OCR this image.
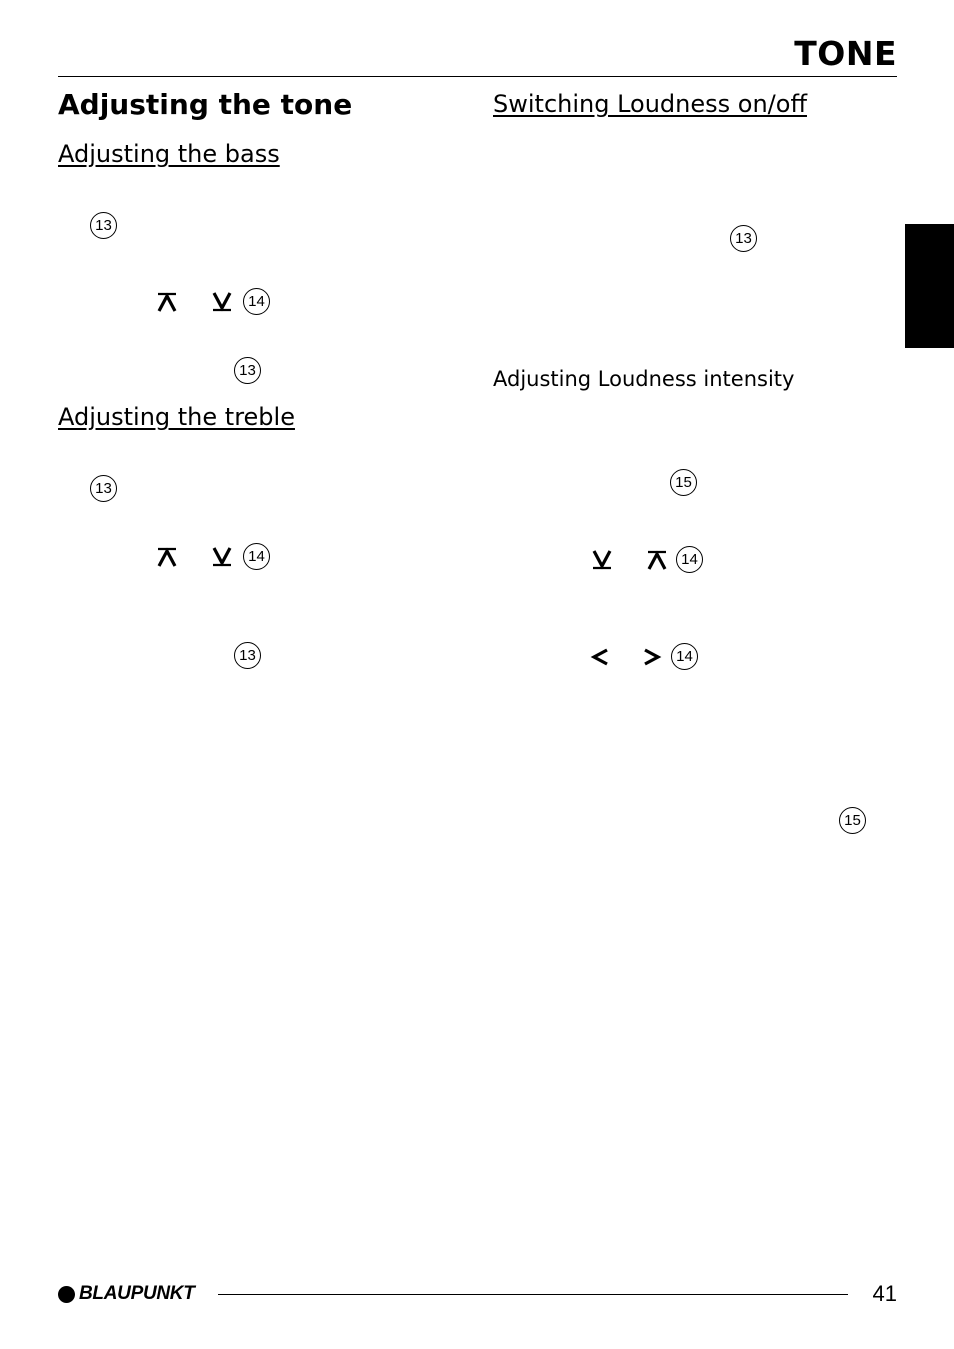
TONE
Adjusting the tone
Adjusting the bass
13
14
13
Adjusting the treble
13
14
13
Switching Loudness on/off
13
Adjusting Loudness intensity
15
14
14
15
BLAUPUNKT	41
